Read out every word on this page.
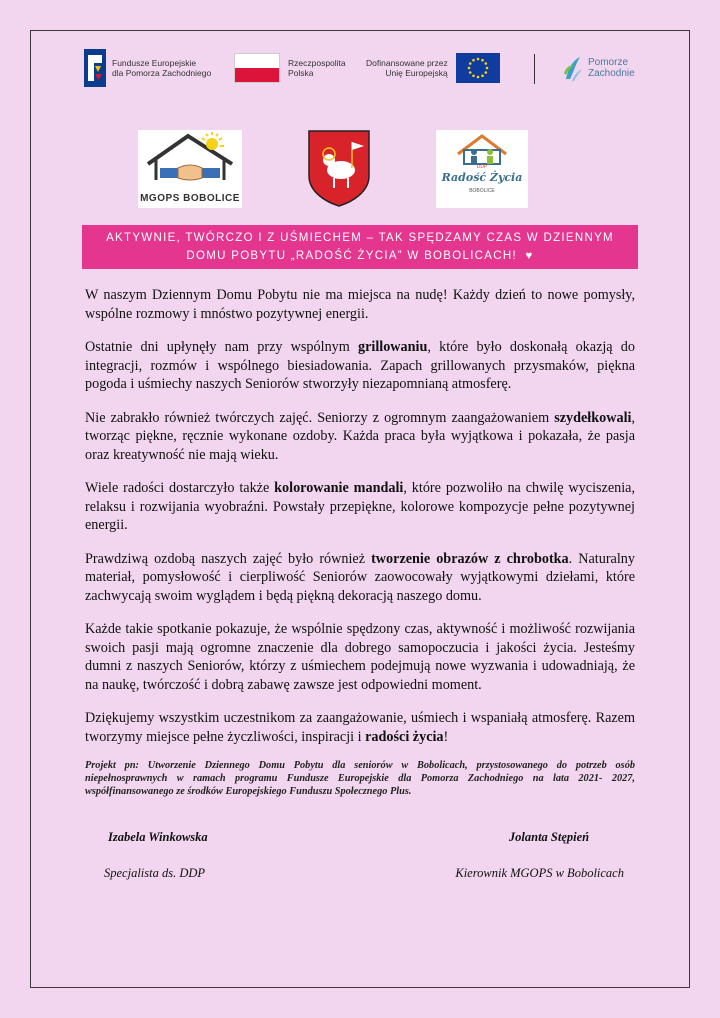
Fundusze Europejskie
dla Pomorza Zachodniego
Rzeczpospolita
Polska
Dofinansowane przez
Unię Europejską
Pomorze
Zachodnie
MGOPS BOBOLICE
DDP
Radość Życia
BOBOLICE
AKTYWNIE, TWÓRCZO I Z UŚMIECHEM – TAK SPĘDZAMY CZAS W DZIENNYM
DOMU POBYTU „RADOŚĆ ŻYCIA” W BOBOLICACH! ♥

W naszym Dziennym Domu Pobytu nie ma miejsca na nudę! Każdy dzień to nowe pomysły, wspólne rozmowy i mnóstwo pozytywnej energii.

Ostatnie dni upłynęły nam przy wspólnym grillowaniu, które było doskonałą okazją do integracji, rozmów i wspólnego biesiadowania. Zapach grillowanych przysmaków, piękna pogoda i uśmiechy naszych Seniorów stworzyły niezapomnianą atmosferę.

Nie zabrakło również twórczych zajęć. Seniorzy z ogromnym zaangażowaniem szydełkowali, tworząc piękne, ręcznie wykonane ozdoby. Każda praca była wyjątkowa i pokazała, że pasja oraz kreatywność nie mają wieku.

Wiele radości dostarczyło także kolorowanie mandali, które pozwoliło na chwilę wyciszenia, relaksu i rozwijania wyobraźni. Powstały przepiękne, kolorowe kompozycje pełne pozytywnej energii.

Prawdziwą ozdobą naszych zajęć było również tworzenie obrazów z chrobotka. Naturalny materiał, pomysłowość i cierpliwość Seniorów zaowocowały wyjątkowymi dziełami, które zachwycają swoim wyglądem i będą piękną dekoracją naszego domu.

Każde takie spotkanie pokazuje, że wspólnie spędzony czas, aktywność i możliwość rozwijania swoich pasji mają ogromne znaczenie dla dobrego samopoczucia i jakości życia. Jesteśmy dumni z naszych Seniorów, którzy z uśmiechem podejmują nowe wyzwania i udowadniają, że na naukę, twórczość i dobrą zabawę zawsze jest odpowiedni moment.

Dziękujemy wszystkim uczestnikom za zaangażowanie, uśmiech i wspaniałą atmosferę. Razem tworzymy miejsce pełne życzliwości, inspiracji i radości życia!

Projekt pn: Utworzenie Dziennego Domu Pobytu dla seniorów w Bobolicach, przystosowanego do potrzeb osób niepełnosprawnych w ramach programu Fundusze Europejskie dla Pomorza Zachodniego na lata 2021- 2027, współfinansowanego ze środków Europejskiego Funduszu Społecznego Plus.

Izabela Winkowska
Specjalista ds. DDP
Jolanta Stępień
Kierownik MGOPS w Bobolicach
